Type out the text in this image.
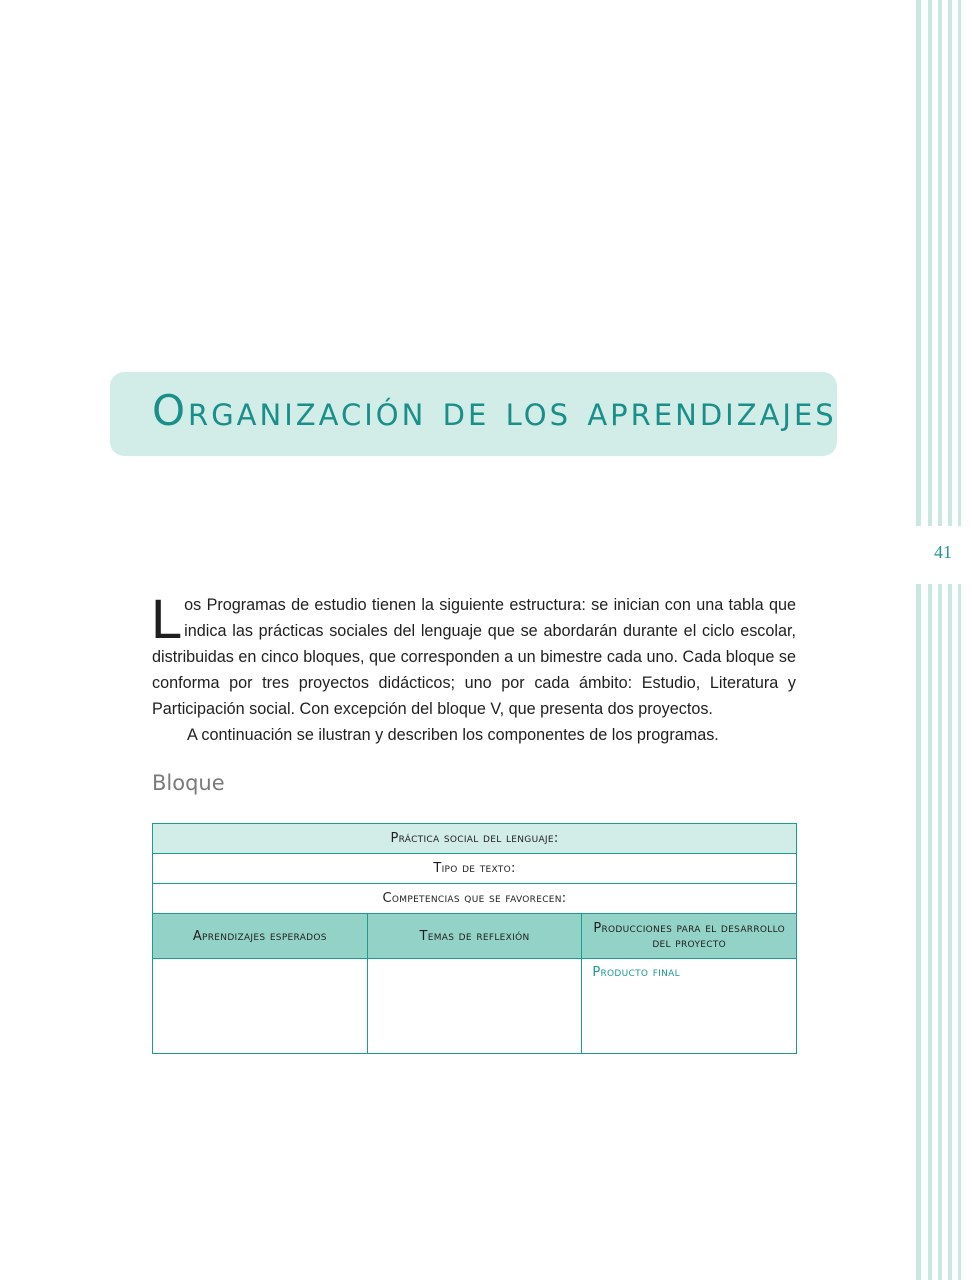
41
Organización de los aprendizajes

Los Programas de estudio tienen la siguiente estructura: se inician con una tabla que indica las prácticas sociales del lenguaje que se abordarán durante el ciclo escolar, distribuidas en cinco bloques, que corresponden a un bimestre cada uno. Cada bloque se conforma por tres proyectos didácticos; uno por cada ámbito: Estudio, Literatura y Participación social. Con excepción del bloque V, que presenta dos proyectos.

A continuación se ilustran y describen los componentes de los programas.

Bloque
Práctica social del lenguaje:		
Tipo de texto:		
Competencias que se favorecen:		
Aprendizajes esperados	Temas de reflexión	Producciones para el desarrollo del proyecto

		Producto final
